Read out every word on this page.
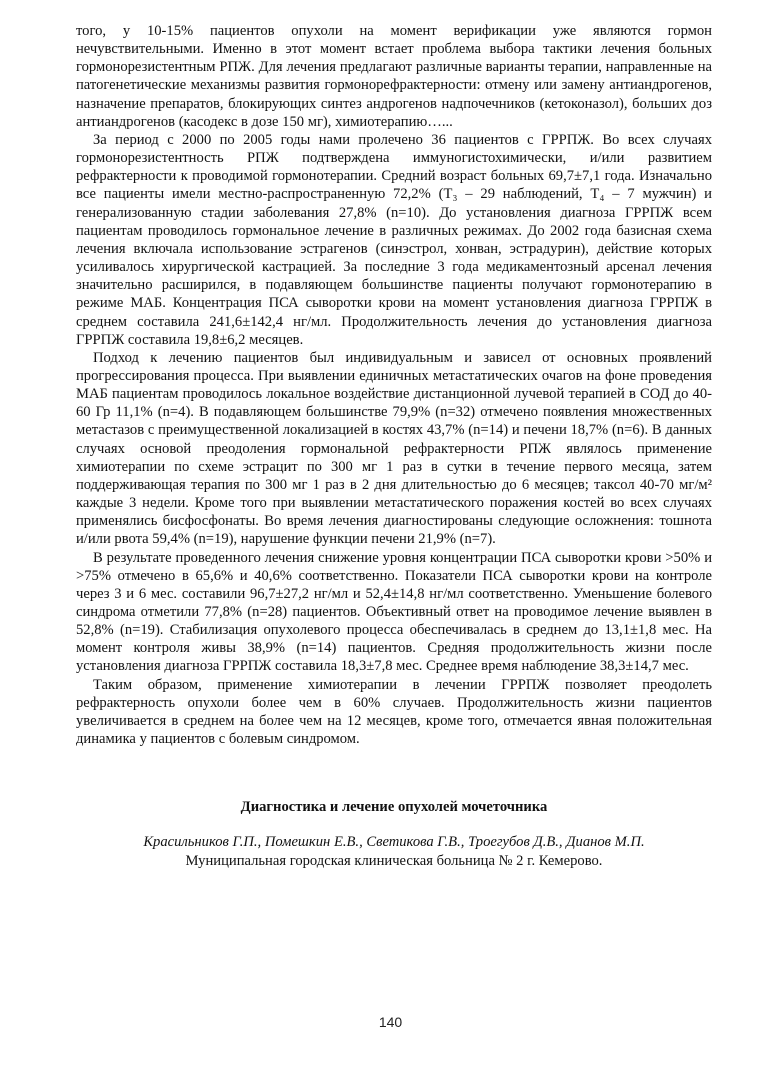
того, у 10-15% пациентов опухоли на момент верификации уже являются гормон нечувствительными. Именно в этот момент встает проблема выбора тактики лечения больных гормонорезистентным РПЖ. Для лечения предлагают различные варианты терапии, направленные на патогенетические механизмы развития гормонорефрактерности: отмену или замену антиандрогенов, назначение препаратов, блокирующих синтез андрогенов надпочечников (кетоконазол), больших доз антиандрогенов (касодекс в дозе 150 мг), химиотерапию…...

За период с 2000 по 2005 годы нами пролечено 36 пациентов с ГРРПЖ. Во всех случаях гормонорезистентность РПЖ подтверждена иммуногистохимически, и/или развитием рефрактерности к проводимой гормонотерапии. Средний возраст больных 69,7±7,1 года. Изначально все пациенты имели местно-распространенную 72,2% (Т₃ – 29 наблюдений, Т₄ – 7 мужчин) и генерализованную стадии заболевания 27,8% (n=10). До установления диагноза ГРРПЖ всем пациентам проводилось гормональное лечение в различных режимах. До 2002 года базисная схема лечения включала использование эстрагенов (синэстрол, хонван, эстрадурин), действие которых усиливалось хирургической кастрацией. За последние 3 года медикаментозный арсенал лечения значительно расширился, в подавляющем большинстве пациенты получают гормонотерапию в режиме МАБ. Концентрация ПСА сыворотки крови на момент установления диагноза ГРРПЖ в среднем составила 241,6±142,4 нг/мл. Продолжительность лечения до установления диагноза ГРРПЖ составила 19,8±6,2 месяцев.

Подход к лечению пациентов был индивидуальным и зависел от основных проявлений прогрессирования процесса. При выявлении единичных метастатических очагов на фоне проведения МАБ пациентам проводилось локальное воздействие дистанционной лучевой терапией в СОД до 40-60 Гр 11,1% (n=4). В подавляющем большинстве 79,9% (n=32) отмечено появления множественных метастазов с преимущественной локализацией в костях 43,7% (n=14) и печени 18,7% (n=6). В данных случаях основой преодоления гормональной рефрактерности РПЖ являлось применение химиотерапии по схеме эстрацит по 300 мг 1 раз в сутки в течение первого месяца, затем поддерживающая терапия по 300 мг 1 раз в 2 дня длительностью до 6 месяцев; таксол 40-70 мг/м² каждые 3 недели. Кроме того при выявлении метастатического поражения костей во всех случаях применялись бисфосфонаты. Во время лечения диагностированы следующие осложнения: тошнота и/или рвота 59,4% (n=19), нарушение функции печени 21,9% (n=7).

В результате проведенного лечения снижение уровня концентрации ПСА сыворотки крови >50% и >75% отмечено в 65,6% и 40,6% соответственно. Показатели ПСА сыворотки крови на контроле через 3 и 6 мес. составили 96,7±27,2 нг/мл и 52,4±14,8 нг/мл соответственно. Уменьшение болевого синдрома отметили 77,8% (n=28) пациентов. Объективный ответ на проводимое лечение выявлен в 52,8% (n=19). Стабилизация опухолевого процесса обеспечивалась в среднем до 13,1±1,8 мес. На момент контроля живы 38,9% (n=14) пациентов. Средняя продолжительность жизни после установления диагноза ГРРПЖ составила 18,3±7,8 мес. Среднее время наблюдение 38,3±14,7 мес.

Таким образом, применение химиотерапии в лечении ГРРПЖ позволяет преодолеть рефрактерность опухоли более чем в 60% случаев. Продолжительность жизни пациентов увеличивается в среднем на более чем на 12 месяцев, кроме того, отмечается явная положительная динамика у пациентов с болевым синдромом.

Диагностика и лечение опухолей мочеточника
Красильников Г.П., Помешкин Е.В., Светикова Г.В., Троегубов Д.В., Дианов М.П.
Муниципальная городская клиническая больница № 2 г. Кемерово.
140
